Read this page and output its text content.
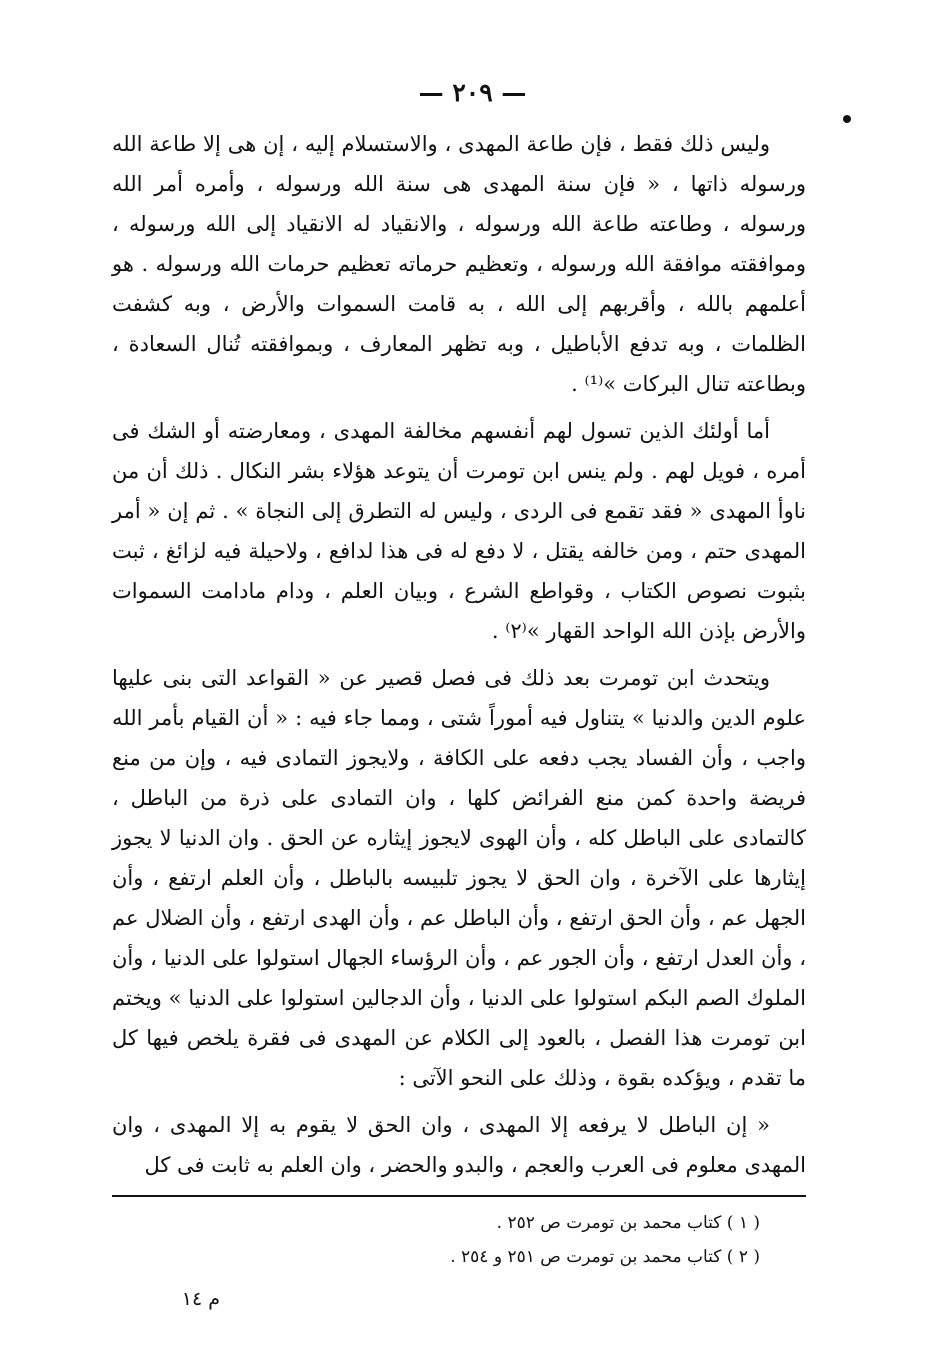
— ٢٠٩ —

وليس ذلك فقط ، فإن طاعة المهدى ، والاستسلام إليه ، إن هى إلا طاعة الله ورسوله ذاتها ، « فإن سنة المهدى هى سنة الله ورسوله ، وأمره أمر الله ورسوله ، وطاعته طاعة الله ورسوله ، والانقياد له الانقياد إلى الله ورسوله ، وموافقته موافقة الله ورسوله ، وتعظيم حرماته تعظيم حرمات الله ورسوله . هو أعلمهم بالله ، وأقربهم إلى الله ، به قامت السموات والأرض ، وبه كشفت الظلمات ، وبه تدفع الأباطيل ، وبه تظهر المعارف ، وبموافقته تُنال السعادة ، وبطاعته تنال البركات »⁽¹⁾ .

أما أولئك الذين تسول لهم أنفسهم مخالفة المهدى ، ومعارضته أو الشك فى أمره ، فويل لهم . ولم ينس ابن تومرت أن يتوعد هؤلاء بشر النكال . ذلك أن من ناوأ المهدى « فقد تقمع فى الردى ، وليس له التطرق إلى النجاة » . ثم إن « أمر المهدى حتم ، ومن خالفه يقتل ، لا دفع له فى هذا لدافع ، ولاحيلة فيه لزائغ ، ثبت بثبوت نصوص الكتاب ، وقواطع الشرع ، وبيان العلم ، ودام مادامت السموات والأرض بإذن الله الواحد القهار »⁽٢⁾ .

ويتحدث ابن تومرت بعد ذلك فى فصل قصير عن « القواعد التى بنى عليها علوم الدين والدنيا » يتناول فيه أموراً شتى ، ومما جاء فيه : « أن القيام بأمر الله واجب ، وأن الفساد يجب دفعه على الكافة ، ولايجوز التمادى فيه ، وإن من منع فريضة واحدة كمن منع الفرائض كلها ، وان التمادى على ذرة من الباطل ، كالتمادى على الباطل كله ، وأن الهوى لايجوز إيثاره عن الحق . وان الدنيا لا يجوز إيثارها على الآخرة ، وان الحق لا يجوز تلبيسه بالباطل ، وأن العلم ارتفع ، وأن الجهل عم ، وأن الحق ارتفع ، وأن الباطل عم ، وأن الهدى ارتفع ، وأن الضلال عم ، وأن العدل ارتفع ، وأن الجور عم ، وأن الرؤساء الجهال استولوا على الدنيا ، وأن الملوك الصم البكم استولوا على الدنيا ، وأن الدجالين استولوا على الدنيا » ويختم ابن تومرت هذا الفصل ، بالعود إلى الكلام عن المهدى فى فقرة يلخص فيها كل ما تقدم ، ويؤكده بقوة ، وذلك على النحو الآتى :

« إن الباطل لا يرفعه إلا المهدى ، وان الحق لا يقوم به إلا المهدى ، وان المهدى معلوم فى العرب والعجم ، والبدو والحضر ، وان العلم به ثابت فى كل

( ١ ) كتاب محمد بن تومرت ص ٢٥٢ .
( ٢ ) كتاب محمد بن تومرت ص ٢٥١ و ٢٥٤ .
م ١٤
